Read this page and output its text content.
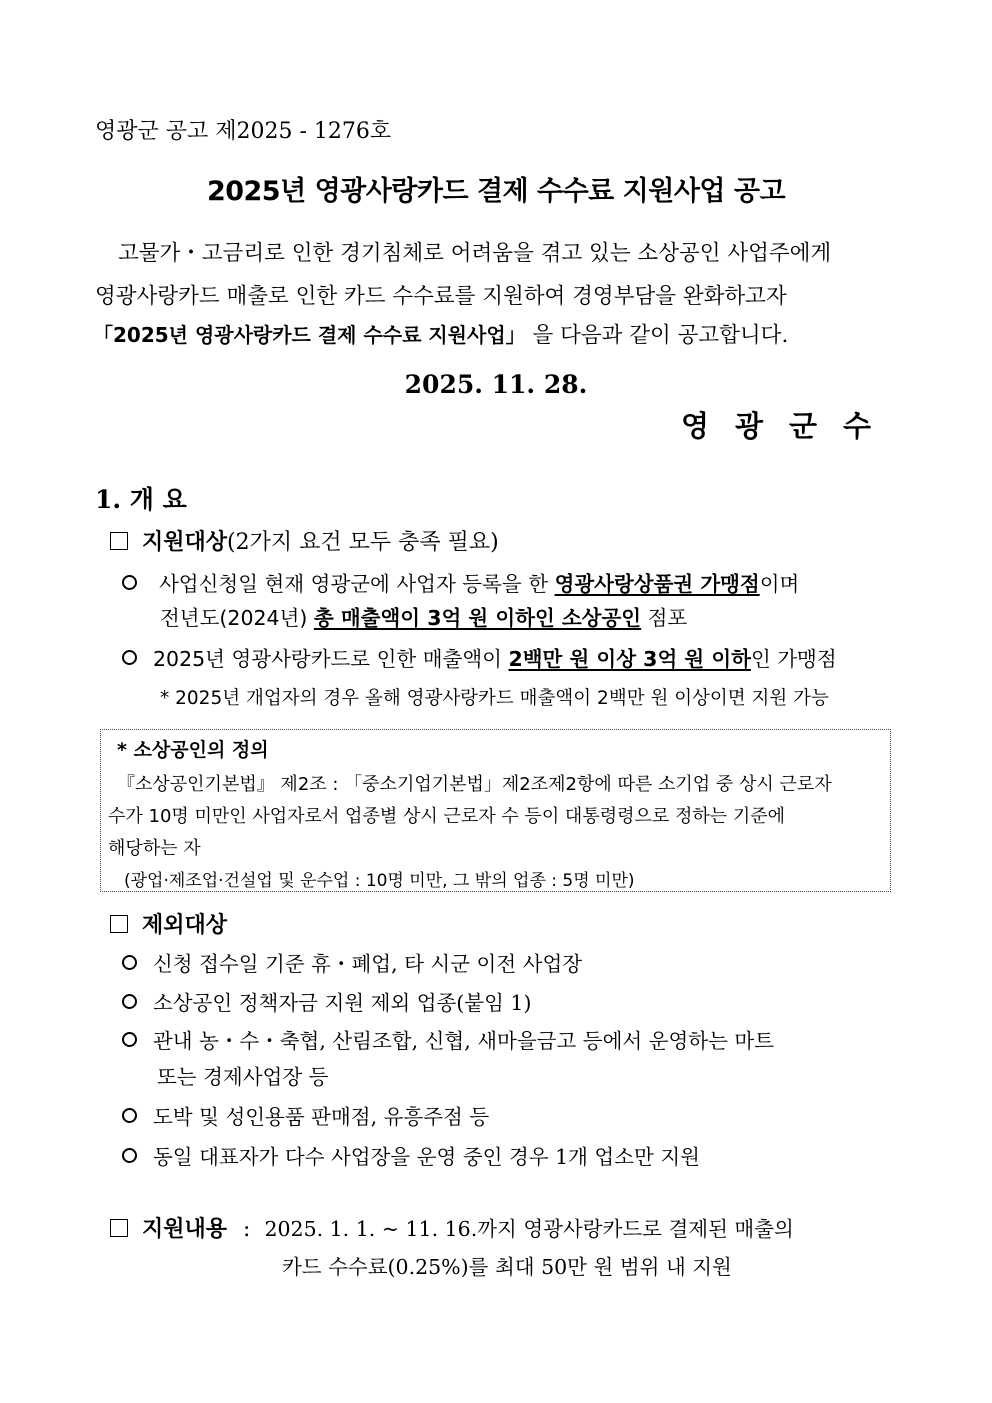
영광군 공고 제2025 - 1276호
2025년 영광사랑카드 결제 수수료 지원사업 공고
고물가・고금리로 인한 경기침체로 어려움을 겪고 있는 소상공인 사업주에게
영광사랑카드 매출로 인한 카드 수수료를 지원하여 경영부담을 완화하고자
「2025년 영광사랑카드 결제 수수료 지원사업」 을 다음과 같이 공고합니다.
2025. 11. 28.
영광군수
1. 개 요
지원대상(2가지 요건 모두 충족 필요)
사업신청일 현재 영광군에 사업자 등록을 한 영광사랑상품권 가맹점이며
전년도(2024년) 총 매출액이 3억 원 이하인 소상공인 점포
2025년 영광사랑카드로 인한 매출액이 2백만 원 이상 3억 원 이하인 가맹점
* 2025년 개업자의 경우 올해 영광사랑카드 매출액이 2백만 원 이상이면 지원 가능
* 소상공인의 정의
『소상공인기본법』 제2조 : 「중소기업기본법」제2조제2항에 따른 소기업 중 상시 근로자
수가 10명 미만인 사업자로서 업종별 상시 근로자 수 등이 대통령령으로 정하는 기준에
해당하는 자
(광업·제조업·건설업 및 운수업 : 10명 미만, 그 밖의 업종 : 5명 미만)
제외대상
신청 접수일 기준 휴・폐업, 타 시군 이전 사업장
소상공인 정책자금 지원 제외 업종(붙임 1)
관내 농・수・축협, 산림조합, 신협, 새마을금고 등에서 운영하는 마트
또는 경제사업장 등
도박 및 성인용품 판매점, 유흥주점 등
동일 대표자가 다수 사업장을 운영 중인 경우 1개 업소만 지원
지원내용 : 2025. 1. 1. ~ 11. 16.까지 영광사랑카드로 결제된 매출의
카드 수수료(0.25%)를 최대 50만 원 범위 내 지원
